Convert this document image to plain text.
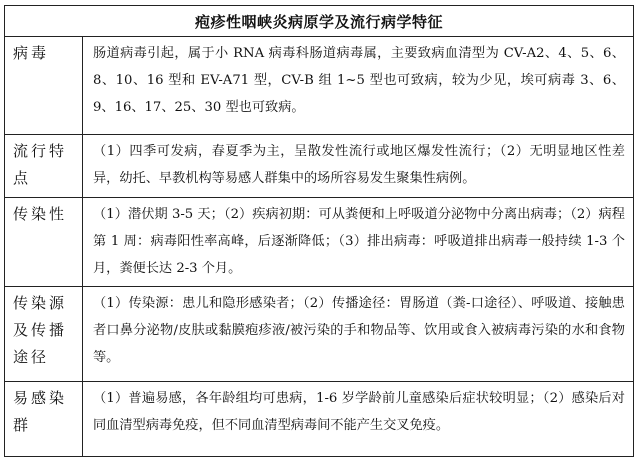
疱疹性咽峡炎病原学及流行病学特征	
病毒	肠道病毒引起，属于小 RNA 病毒科肠道病毒属，主要致病血清型为 CV-A2、4、5、6、8、10、16 型和 EV-A71 型，CV-B 组 1~5 型也可致病，较为少见，埃可病毒 3、6、9、16、17、25、30 型也可致病。
流行特点	（1）四季可发病，春夏季为主，呈散发性流行或地区爆发性流行；（2）无明显地区性差异，幼托、早教机构等易感人群集中的场所容易发生聚集性病例。
传染性	（1）潜伏期 3-5 天；（2）疾病初期：可从粪便和上呼吸道分泌物中分离出病毒；（2）病程第 1 周：病毒阳性率高峰，后逐渐降低；（3）排出病毒：呼吸道排出病毒一般持续 1-3 个月，粪便长达 2-3 个月。
传染源及传播途径	（1）传染源：患儿和隐形感染者；（2）传播途径：胃肠道（粪-口途径）、呼吸道、接触患者口鼻分泌物/皮肤或黏膜疱疹液/被污染的手和物品等、饮用或食入被病毒污染的水和食物等。
易感染群	（1）普遍易感，各年龄组均可患病，1-6 岁学龄前儿童感染后症状较明显；（2）感染后对同血清型病毒免疫，但不同血清型病毒间不能产生交叉免疫。
